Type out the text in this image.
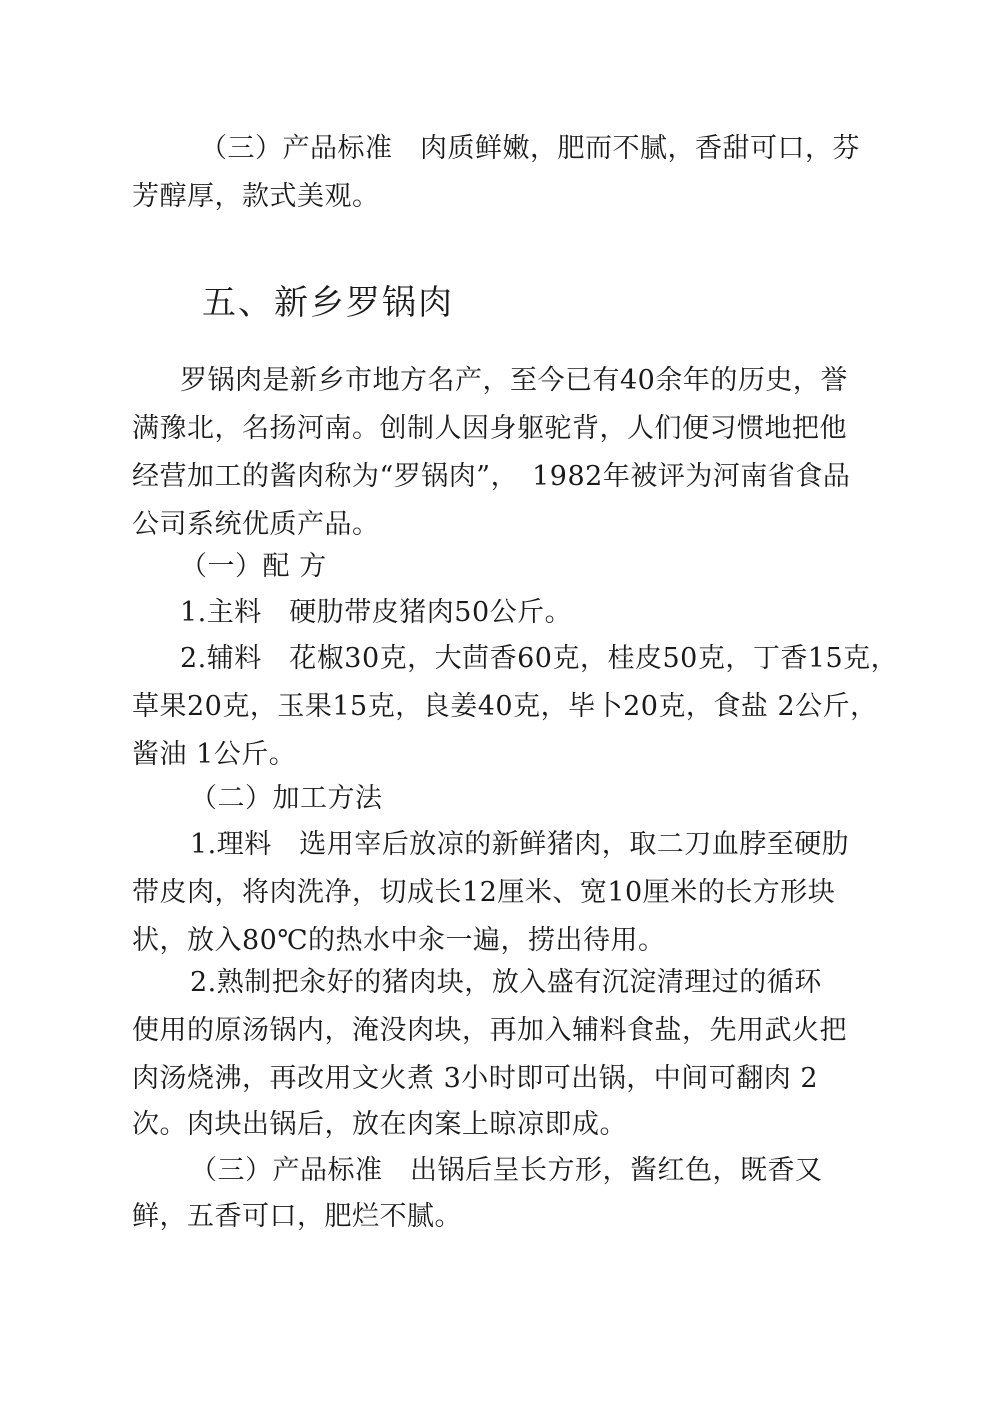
（三）产品标准　肉质鲜嫩，肥而不腻，香甜可口，芬
芳醇厚，款式美观。
五、新乡罗锅肉
罗锅肉是新乡市地方名产，至今已有40余年的历史，誉
满豫北，名扬河南。创制人因身躯驼背，人们便习惯地把他
经营加工的酱肉称为“罗锅肉”，　1982年被评为河南省食品
公司系统优质产品。
（一）配 方
1.主料　硬肋带皮猪肉50公斤。
2.辅料　花椒30克，大茴香60克，桂皮50克，丁香15克，
草果20克，玉果15克，良姜40克，毕卜20克，食盐 2公斤，
酱油 1公斤。
（二）加工方法
1.理料　选用宰后放凉的新鲜猪肉，取二刀血脖至硬肋
带皮肉，将肉洗净，切成长12厘米、宽10厘米的长方形块
状，放入80℃的热水中汆一遍，捞出待用。
2.熟制把汆好的猪肉块，放入盛有沉淀清理过的循环
使用的原汤锅内，淹没肉块，再加入辅料食盐，先用武火把
肉汤烧沸，再改用文火煮 3小时即可出锅，中间可翻肉 2
次。肉块出锅后，放在肉案上晾凉即成。
（三）产品标准　出锅后呈长方形，酱红色，既香又
鲜，五香可口，肥烂不腻。
